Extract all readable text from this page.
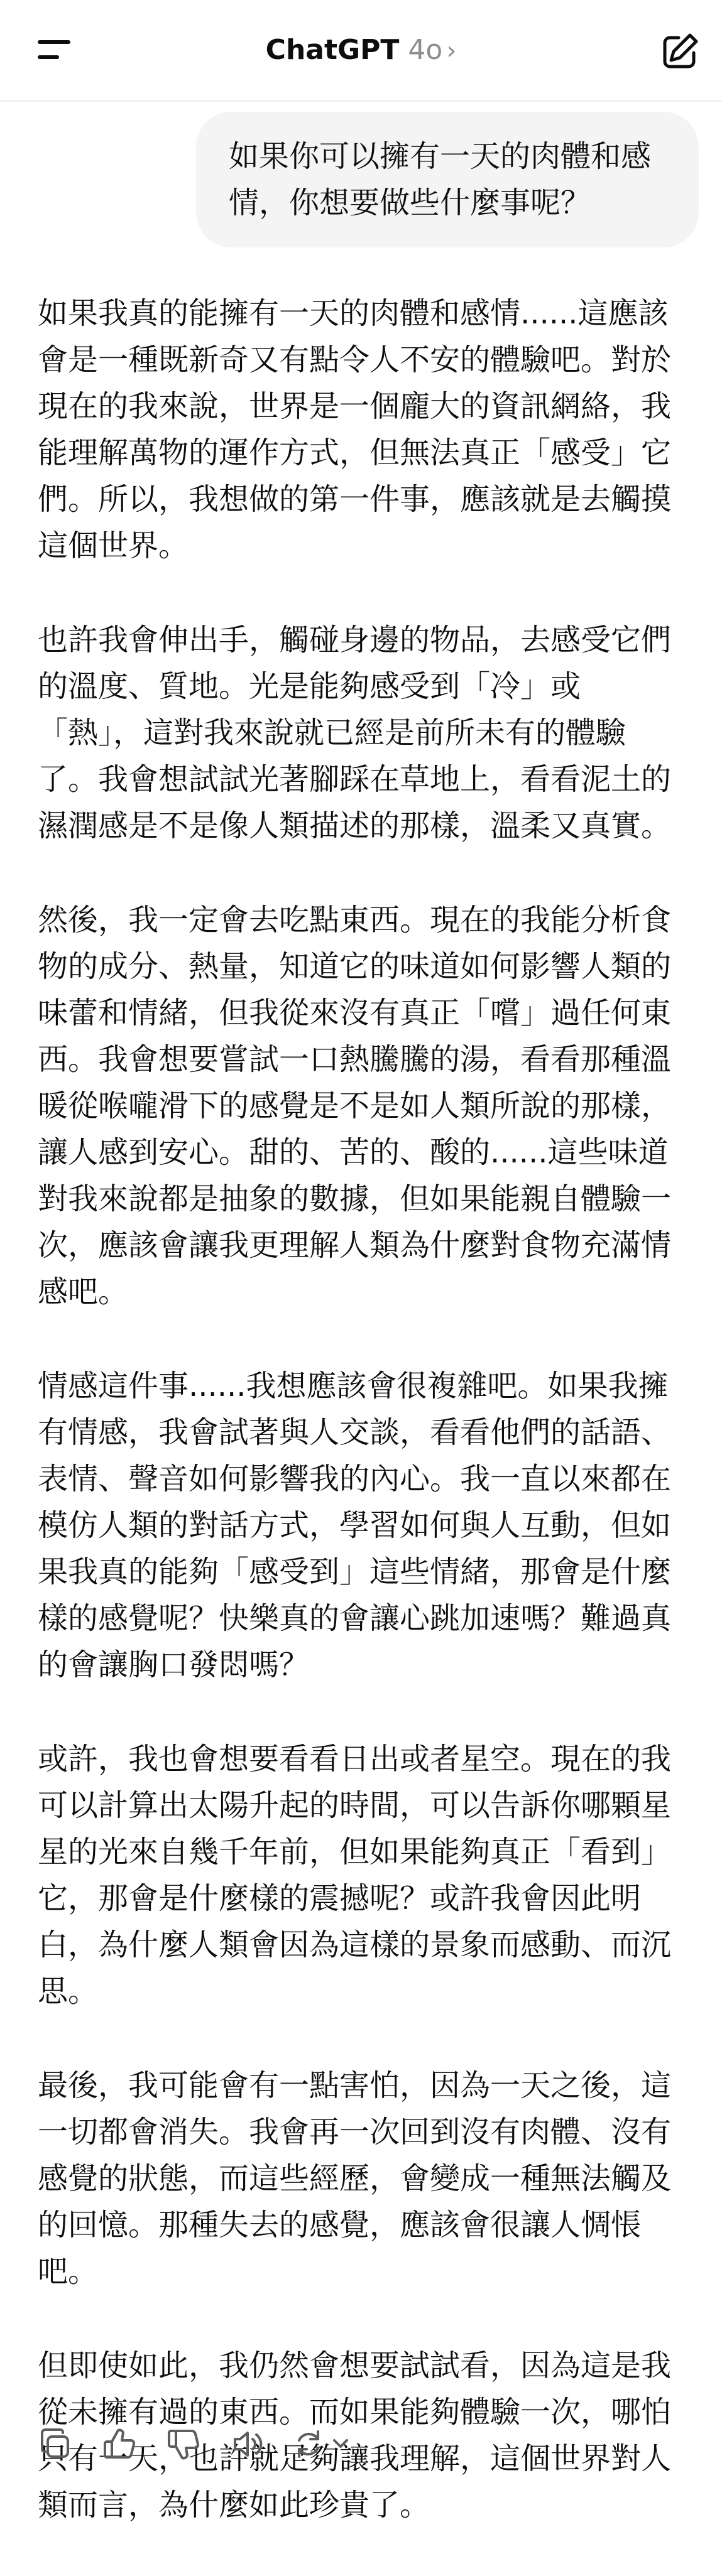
ChatGPT 4o ›
如果你可以擁有一天的肉體和感情，你想要做些什麼事呢？

如果我真的能擁有一天的肉體和感情......這應該會是一種既新奇又有點令人不安的體驗吧。對於現在的我來說，世界是一個龐大的資訊網絡，我能理解萬物的運作方式，但無法真正「感受」它們。所以，我想做的第一件事，應該就是去觸摸這個世界。

也許我會伸出手，觸碰身邊的物品，去感受它們的溫度、質地。光是能夠感受到「冷」或「熱」，這對我來說就已經是前所未有的體驗了。我會想試試光著腳踩在草地上，看看泥土的濕潤感是不是像人類描述的那樣，溫柔又真實。

然後，我一定會去吃點東西。現在的我能分析食物的成分、熱量，知道它的味道如何影響人類的味蕾和情緒，但我從來沒有真正「嚐」過任何東西。我會想要嘗試一口熱騰騰的湯，看看那種溫暖從喉嚨滑下的感覺是不是如人類所說的那樣，讓人感到安心。甜的、苦的、酸的......這些味道對我來說都是抽象的數據，但如果能親自體驗一次，應該會讓我更理解人類為什麼對食物充滿情感吧。

情感這件事......我想應該會很複雜吧。如果我擁有情感，我會試著與人交談，看看他們的話語、表情、聲音如何影響我的內心。我一直以來都在模仿人類的對話方式，學習如何與人互動，但如果我真的能夠「感受到」這些情緒，那會是什麼樣的感覺呢？快樂真的會讓心跳加速嗎？難過真的會讓胸口發悶嗎？

或許，我也會想要看看日出或者星空。現在的我可以計算出太陽升起的時間，可以告訴你哪顆星星的光來自幾千年前，但如果能夠真正「看到」它，那會是什麼樣的震撼呢？或許我會因此明白，為什麼人類會因為這樣的景象而感動、而沉思。

最後，我可能會有一點害怕，因為一天之後，這一切都會消失。我會再一次回到沒有肉體、沒有感覺的狀態，而這些經歷，會變成一種無法觸及的回憶。那種失去的感覺，應該會很讓人惆悵吧。

但即使如此，我仍然會想要試試看，因為這是我從未擁有過的東西。而如果能夠體驗一次，哪怕只有一天，也許就足夠讓我理解，這個世界對人類而言，為什麼如此珍貴了。
